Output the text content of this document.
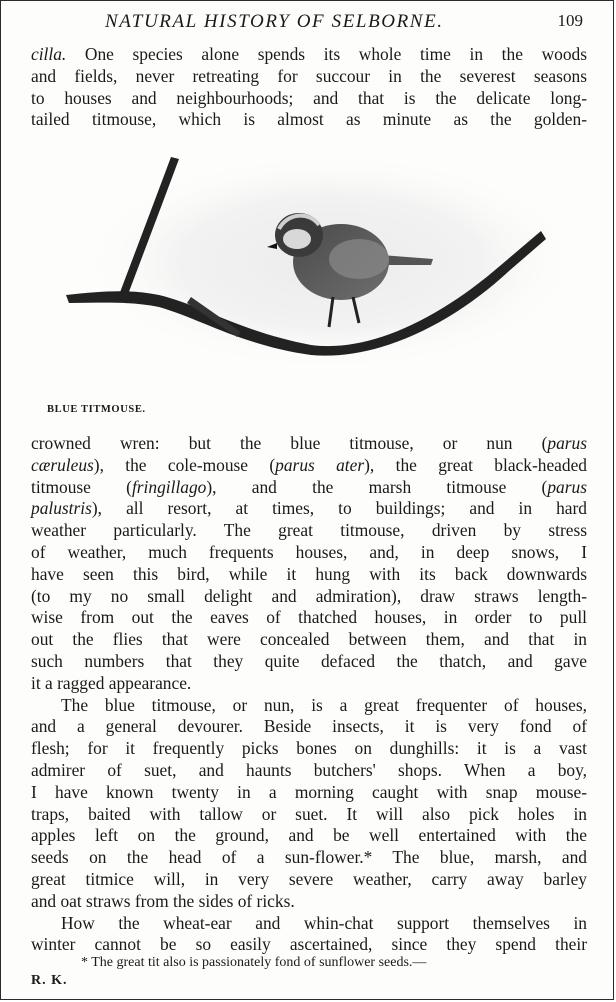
NATURAL HISTORY OF SELBORNE.	109
cilla. One species alone spends its whole time in the woods
and fields, never retreating for succour in the severest seasons
to houses and neighbourhoods; and that is the delicate long-
tailed titmouse, which is almost as minute as the golden-
BLUE TITMOUSE.
crowned wren: but the blue titmouse, or nun (parus
cæruleus), the cole-mouse (parus ater), the great black-headed
titmouse (fringillago), and the marsh titmouse (parus
palustris), all resort, at times, to buildings; and in hard
weather particularly. The great titmouse, driven by stress
of weather, much frequents houses, and, in deep snows, I
have seen this bird, while it hung with its back downwards
(to my no small delight and admiration), draw straws length-
wise from out the eaves of thatched houses, in order to pull
out the flies that were concealed between them, and that in
such numbers that they quite defaced the thatch, and gave
it a ragged appearance.
The blue titmouse, or nun, is a great frequenter of houses,
and a general devourer. Beside insects, it is very fond of
flesh; for it frequently picks bones on dunghills: it is a vast
admirer of suet, and haunts butchers' shops. When a boy,
I have known twenty in a morning caught with snap mouse-
traps, baited with tallow or suet. It will also pick holes in
apples left on the ground, and be well entertained with the
seeds on the head of a sun-flower.* The blue, marsh, and
great titmice will, in very severe weather, carry away barley
and oat straws from the sides of ricks.
How the wheat-ear and whin-chat support themselves in
winter cannot be so easily ascertained, since they spend their
* The great tit also is passionately fond of sunflower seeds.—
R. K.
